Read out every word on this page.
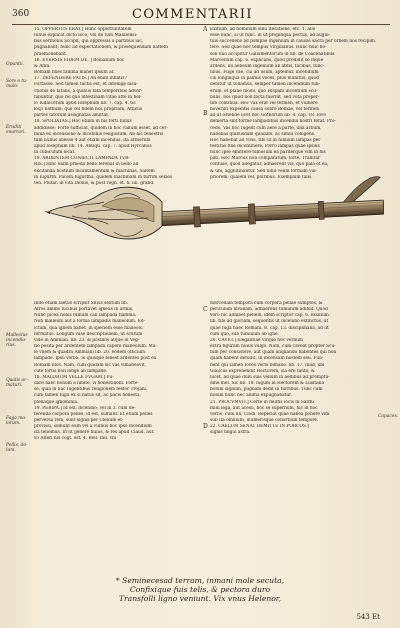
360	COMMENTARII
Opuntii.
Sors e tu-
mulo.
Eruditi
enarrari.
A
B
15. OPPERTUS ERAT.] Hunc opportunitatem
Iulius explicat dicto loco, vbi de tum Maliliensi-
bus sermonis accipit, qui oppressis a partibus iac.
pugnabant; hunc ad expectationem, & prosequendam haftem
praemonebant.
16. EVERSIS FIDEM DE. ] Bonianum hoc
& Amn.
Romam fixes famma manet ipsum at.
17. DEFENDERE FATIS.] An enim inflatis?
Fortasse. Sed tamen factis est, et intellige nisu-
ctionis de fatalis, a quibus fata temporibus adver-
fabuntur, quo rei quo intestinam vitae atte in bel-
lo Iudaicorum apud Iosephum lib. 7. cap. 4. tis
loq1 nothum: que vel fidem nos propriam, Atticus
partes fatorum assignatas amittat.
18. SPOLIATAS.] Hoc etiam in his forti Iulius
addidisse: Forte sufficiat, quidem in hoc vallum esset, ad cer-
mina ex incensione & incendiis religiosum. Ab hic fenestris
tum nullus abesse 4 aut etiam incendiis, ita armorum
apud Iosephum lib. 14. Antiqu. cap. 7. apud Hyrcanus
in cubiculum locat.
19. ARDENTEM CONIECIT LAMPADA TVR-
RIS.] Hinc enim praeda bello ferebat in bello ad
excitanda hostium incantamentum & machinas. Saltem
in Iugurth. Pacem Iugurtha, quidem machinam in turrim sexies
ten. Plutar. in vita Dionis, & post regn. et. h. lib. grand.
Exitium, ad hominum sinu iteratione, etc. 1. alio
esse nunc, si ut tunc. in ut propinqua pectus, ad augui-
tuis succedens ad pompae ingenium in causas sacra per orbem nos recipim.
fore. Sed quae hoc tempus Virgilianus. Hunc huic ho-
sen duo accipitur Gallamentorum in lib. de Coacenatibus
Marcellum cap. 6. explicans, quod prodidit se inque
ardens, illi aeneum ingenium ab atdis, facibus, func-
libus. Fuge vae, cui ad usum, aptemur, incendium
cui longinqua in palmis voces, plus munitus, quod
debitur ut tollamus, semper tamen incendium fun-
erum, et plane modo, quo Hispani incentium scu-
bulis, nos quod non facta fuerint, sed vota preper-
tim continua. Hoc vax erat vel termen, et vulnere
noverint expeditis causa sobre Romae, vel termen
ad ut ostende licet hoc Gothorum lib. 4. cap. 18. Iove
demerfa sint forme lampadibus incendia nostri ferat. Pro-
cedo. Vas hoc Iugent cum aere a parte, una arbum,
habebas quibusdam quadam, ac simul colligens.
Hoc habebat ad vivis, tibi ut in nimium lampas per
festiras fine incontinere. Porro lampas quae ipsius
hunc ipse emittere fumosum ea pariterque vim in his
pati. Hoc Marcus non comparatum, forte. Trahitur
confuse, quod allegatur, adhaerent vis, quo pala et ea,
& ubi, agglutinantur. Sed nihil velim formam vul-
priorem, qualem vel, pluribus. Exemplum talis.
Malleolus
incendia-
rius.
Qualis ar-
maturi.
Faga ma-
lorum.
Pellis, do-
lum.
Capaces.
C
D
Inde etiam laetus scripsit Silius sextum lib.
Atros ammo lucibus portavet igneus in armis,
Nunc picea nobis fumum can lampada flamma.
Non malleum aut a forma lampadis malleolum. Ed-
ictum, qua ignem habet, in speciem esse malleolu
formatus. Longum vase descriptionem, ut scutum
vide in Ammian. lib. 23. & postillis atque in Veg-
tio posita per ardentem lampada capere malleolum. Ma-
le vilem & quadra Ammiani lib. 20. eodem officium
lampade. Ipsu verba. Si quisque fenest ardentes post ex
Romam illos. Nam, cum quidam sic vas vimaneavit,
cute fortis non longe ab lampade.
18. MALORUM VELLE FVGAM.] Fu-
dare haec honum a limite, vi honestilioni. Forte-
se, quia in hac Iugentibus religionem festor Trojani,
cum tamen fuga ex si natus sit, ac pacis honesta,
plenaque ignominia.
19. PERIPA.] Id est, incendio; vel in 3. cum de-
ferenda corpora pelles, id est, sumunt. Et etiam pelles
perversa rem, sunt signis per Clelium et-
provissi, sumunt eum vel a vulnus hoc ipso incendium
ita tenemus. In ut genere huius, & res apud Claud. aut.
vo Alteri his cogt. est. 4. Bell. Ind. vbi
mercedam tempora cum corpora pellae sumptos, &
periculum invadam, adhaerens tumulum adibat. Quod
vero hic adhibet pellem, idem scriptor cap. 6. exsilium
lib. tibi ad gloriam, sequentis ut incendio extinctus, ut
quae fuga haec Romani. B. cap. 13. disciplinalia, ad ut
cum quo, sub tumulum ab igne.
20. CAVET.] Elegantiae virque hoc verbum
extra figuram huius vulgo. Nam, cum caveat propter Scu-
tum per consistere, aut quam aliquando habentes qui non
quam habent defudit, in incensum hostem seu. Fuli-
nent qui tamen Ioves verbi bimane. lib. 17. Iliad, ubi
Glaucus exprehendit Hectorem, sia ere tanto, &
lucet, ad quae dum suis vellum in aedibus ad promptu-
dine mel. Sic lib. 18. Iugum in Hectorem & Lusitana
nolum signum, pugnam dedit in turribus. Tunc cum
nolum hunc nec anima expugnabatur.
21. PROCVMVIT.] Certe in multis locis in Sardu
mini lega, aut acesu, hoc se supernum, hic in hoc
verbo, cum illi, Clodi. Reperiat quae habea ponere vim
sub ita omnium, inumerisque cohortium tempore.
22. CAELUM SENAT DEMITTE IN PORCOS.]
signis fingui astra.
* Seminecesad terram, inmani mole secuta,
Confixique fuis telis, & pectora duro
Transfolli ligno veniunt. Vix vnus Helenor,
543 Et
